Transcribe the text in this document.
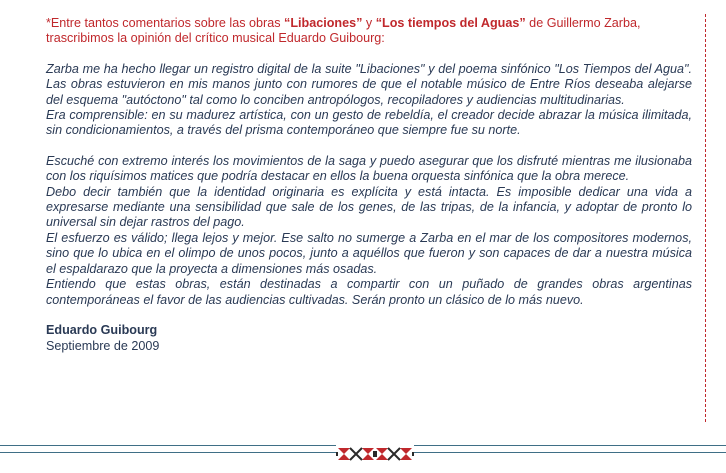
*Entre tantos comentarios sobre las obras “Libaciones” y “Los tiempos del Aguas” de Guillermo Zarba,
trascribimos la opinión del crítico musical Eduardo Guibourg:

Zarba me ha hecho llegar un registro digital de la suite "Libaciones" y del poema sinfónico "Los Tiempos del Agua". Las obras estuvieron en mis manos junto con rumores de que el notable músico de Entre Ríos deseaba alejarse del esquema "autóctono" tal como lo conciben antropólogos, recopiladores y audiencias multitudinarias.

Era comprensible: en su madurez artística, con un gesto de rebeldía, el creador decide abrazar la música ilimitada, sin condicionamientos, a través del prisma contemporáneo que siempre fue su norte.

Escuché con extremo interés los movimientos de la saga y puedo asegurar que los disfruté mientras me ilusionaba con los riquísimos matices que podría destacar en ellos la buena orquesta sinfónica que la obra merece.

Debo decir también que la identidad originaria es explícita y está intacta. Es imposible dedicar una vida a expresarse mediante una sensibilidad que sale de los genes, de las tripas, de la infancia, y adoptar de pronto lo universal sin dejar rastros del pago.

El esfuerzo es válido; llega lejos y mejor. Ese salto no sumerge a Zarba en el mar de los compositores modernos, sino que lo ubica en el olimpo de unos pocos, junto a aquéllos que fueron y son capaces de dar a nuestra música el espaldarazo que la proyecta a dimensiones más osadas.

Entiendo que estas obras, están destinadas a compartir con un puñado de grandes obras argentinas contemporáneas el favor de las audiencias cultivadas. Serán pronto un clásico de lo más nuevo.

Eduardo Guibourg

Septiembre de 2009
